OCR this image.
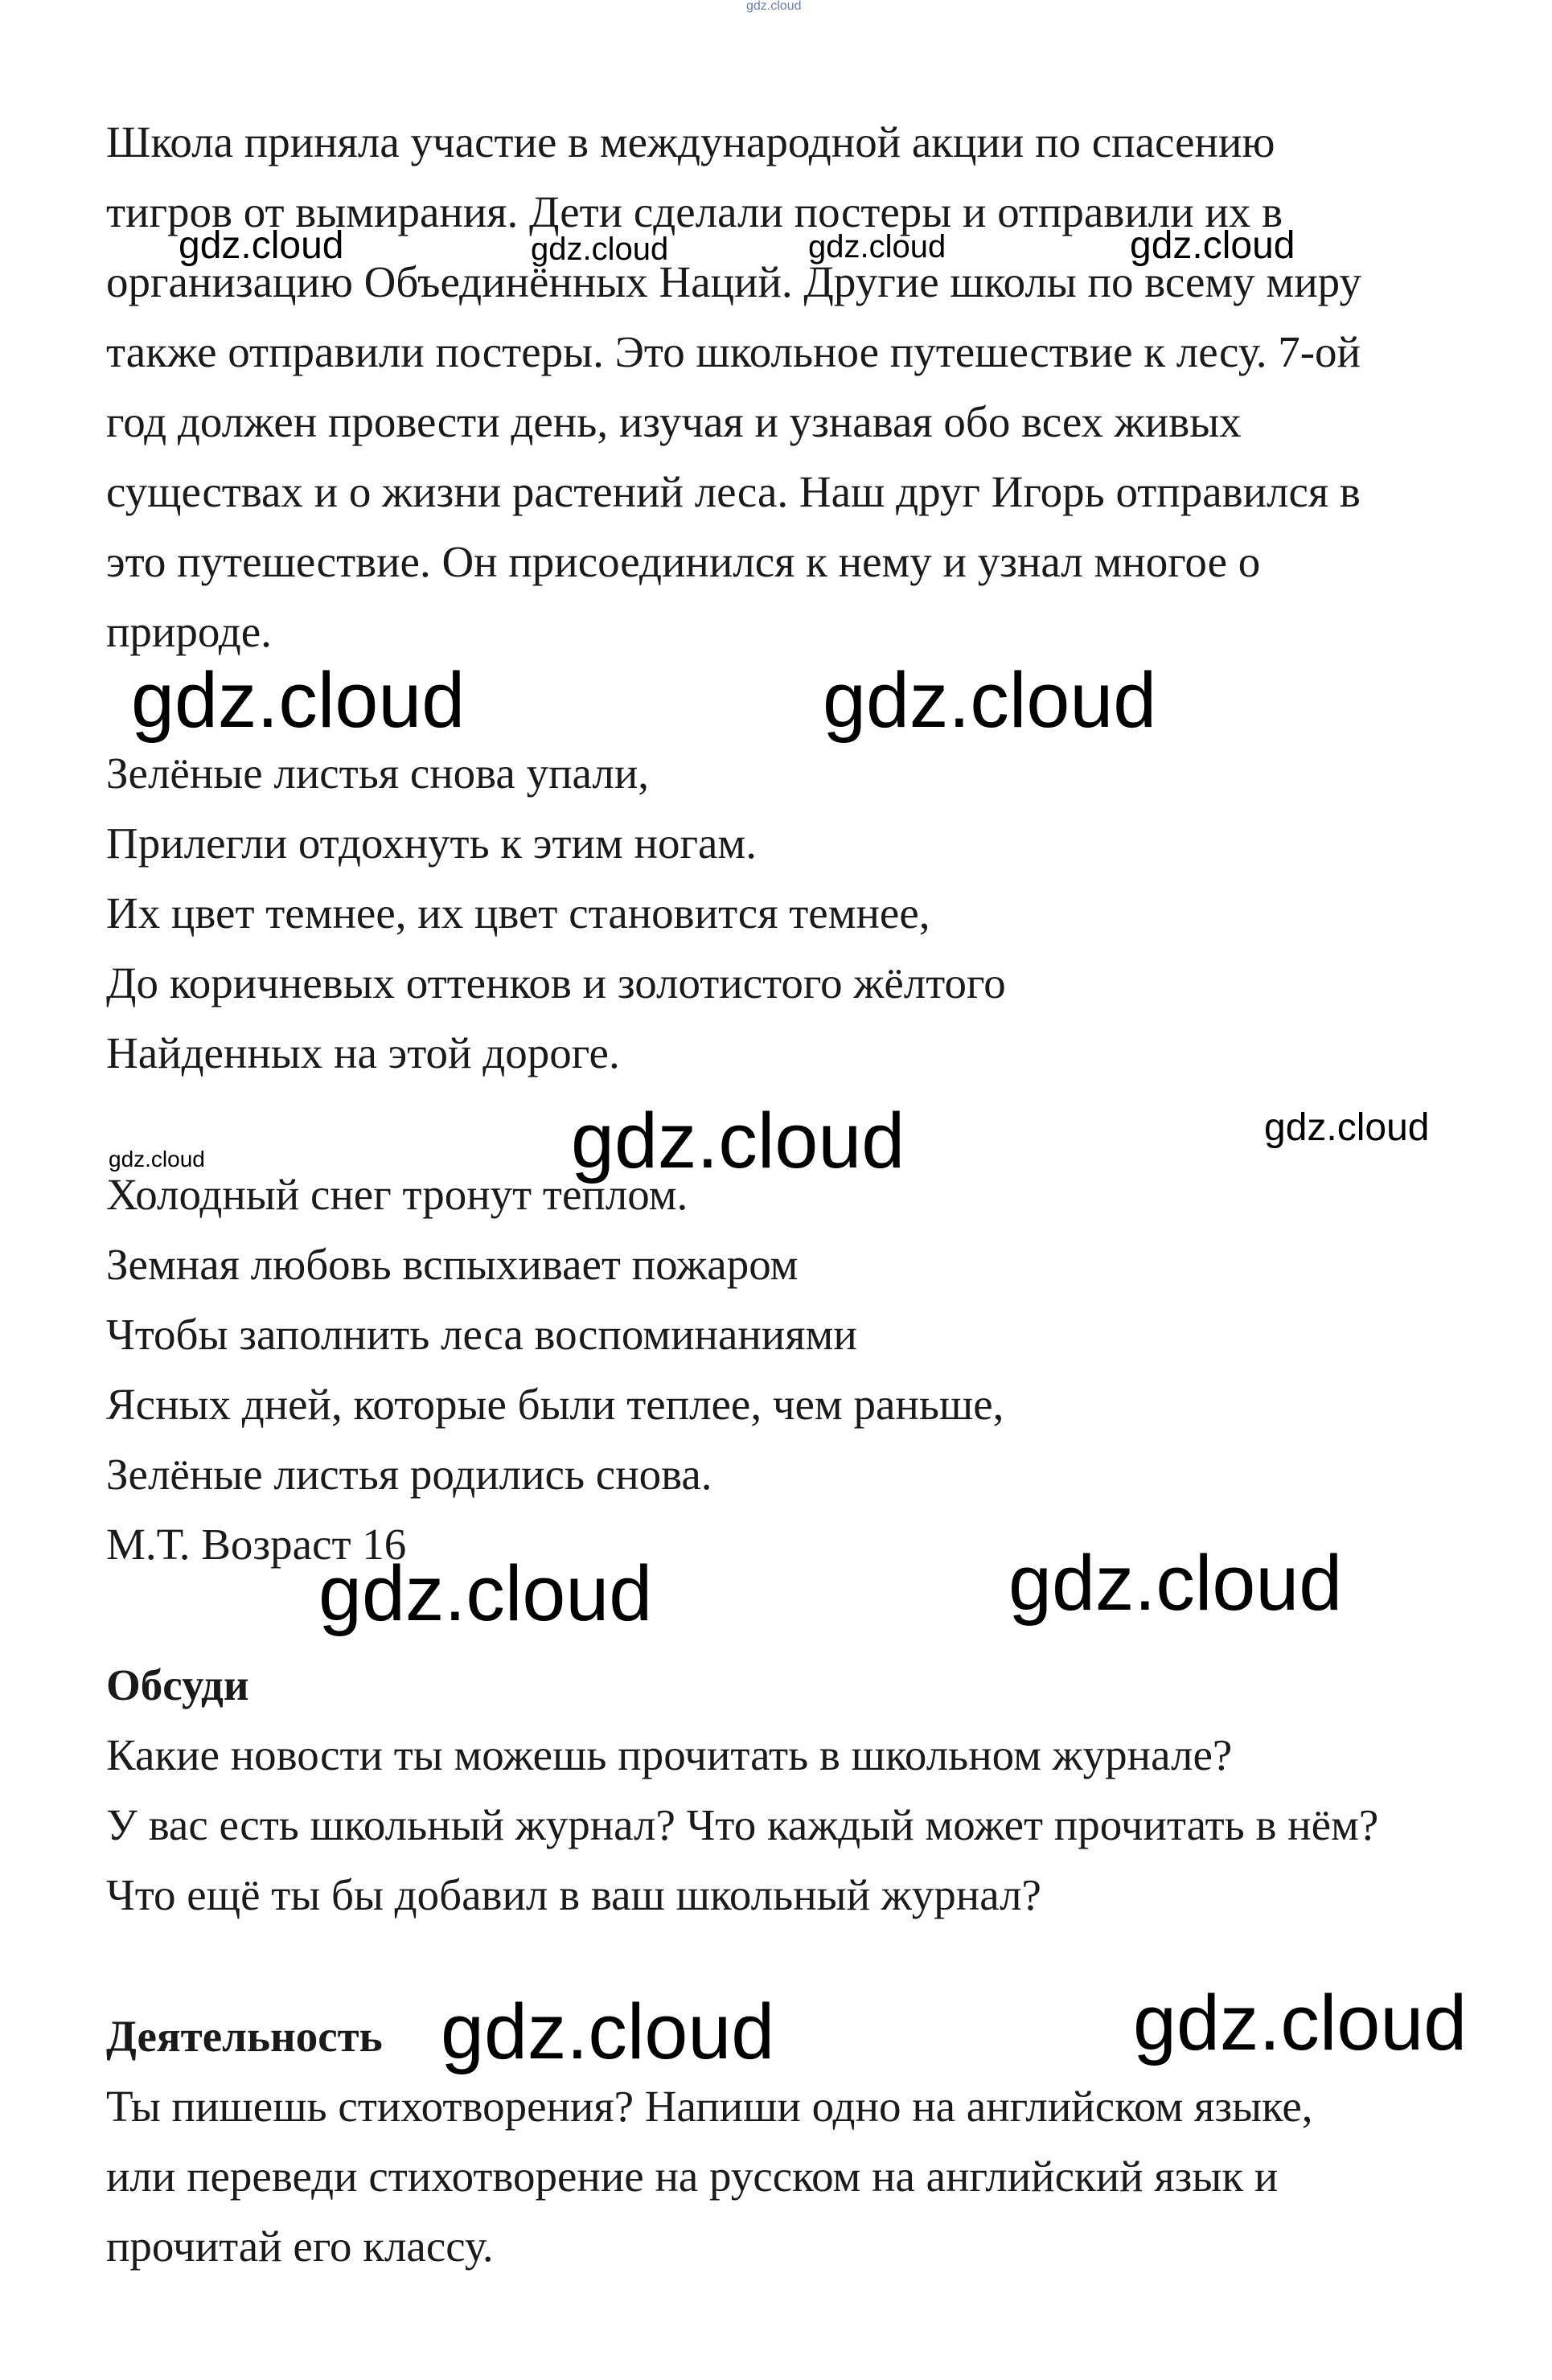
Школа приняла участие в международной акции по спасению
тигров от вымирания. Дети сделали постеры и отправили их в
организацию Объединённых Наций. Другие школы по всему миру
также отправили постеры. Это школьное путешествие к лесу. 7-ой
год должен провести день, изучая и узнавая обо всех живых
существах и о жизни растений леса. Наш друг Игорь отправился в
это путешествие. Он присоединился к нему и узнал многое о
природе.
Зелёные листья снова упали,
Прилегли отдохнуть к этим ногам.
Их цвет темнее, их цвет становится темнее,
До коричневых оттенков и золотистого жёлтого
Найденных на этой дороге.
Холодный снег тронут теплом.
Земная любовь вспыхивает пожаром
Чтобы заполнить леса воспоминаниями
Ясных дней, которые были теплее, чем раньше,
Зелёные листья родились снова.
М.Т. Возраст 16
Обсуди
Какие новости ты можешь прочитать в школьном журнале?
У вас есть школьный журнал? Что каждый может прочитать в нём?
Что ещё ты бы добавил в ваш школьный журнал?
Деятельность
Ты пишешь стихотворения? Напиши одно на английском языке,
или переведи стихотворение на русском на английский язык и
прочитай его классу.
gdz.cloud
gdz.cloud	gdz.cloud	gdz.cloud	gdz.cloud
gdz.cloud	gdz.cloud
gdz.cloud	gdz.cloud	gdz.cloud
gdz.cloud	gdz.cloud
gdz.cloud	gdz.cloud
